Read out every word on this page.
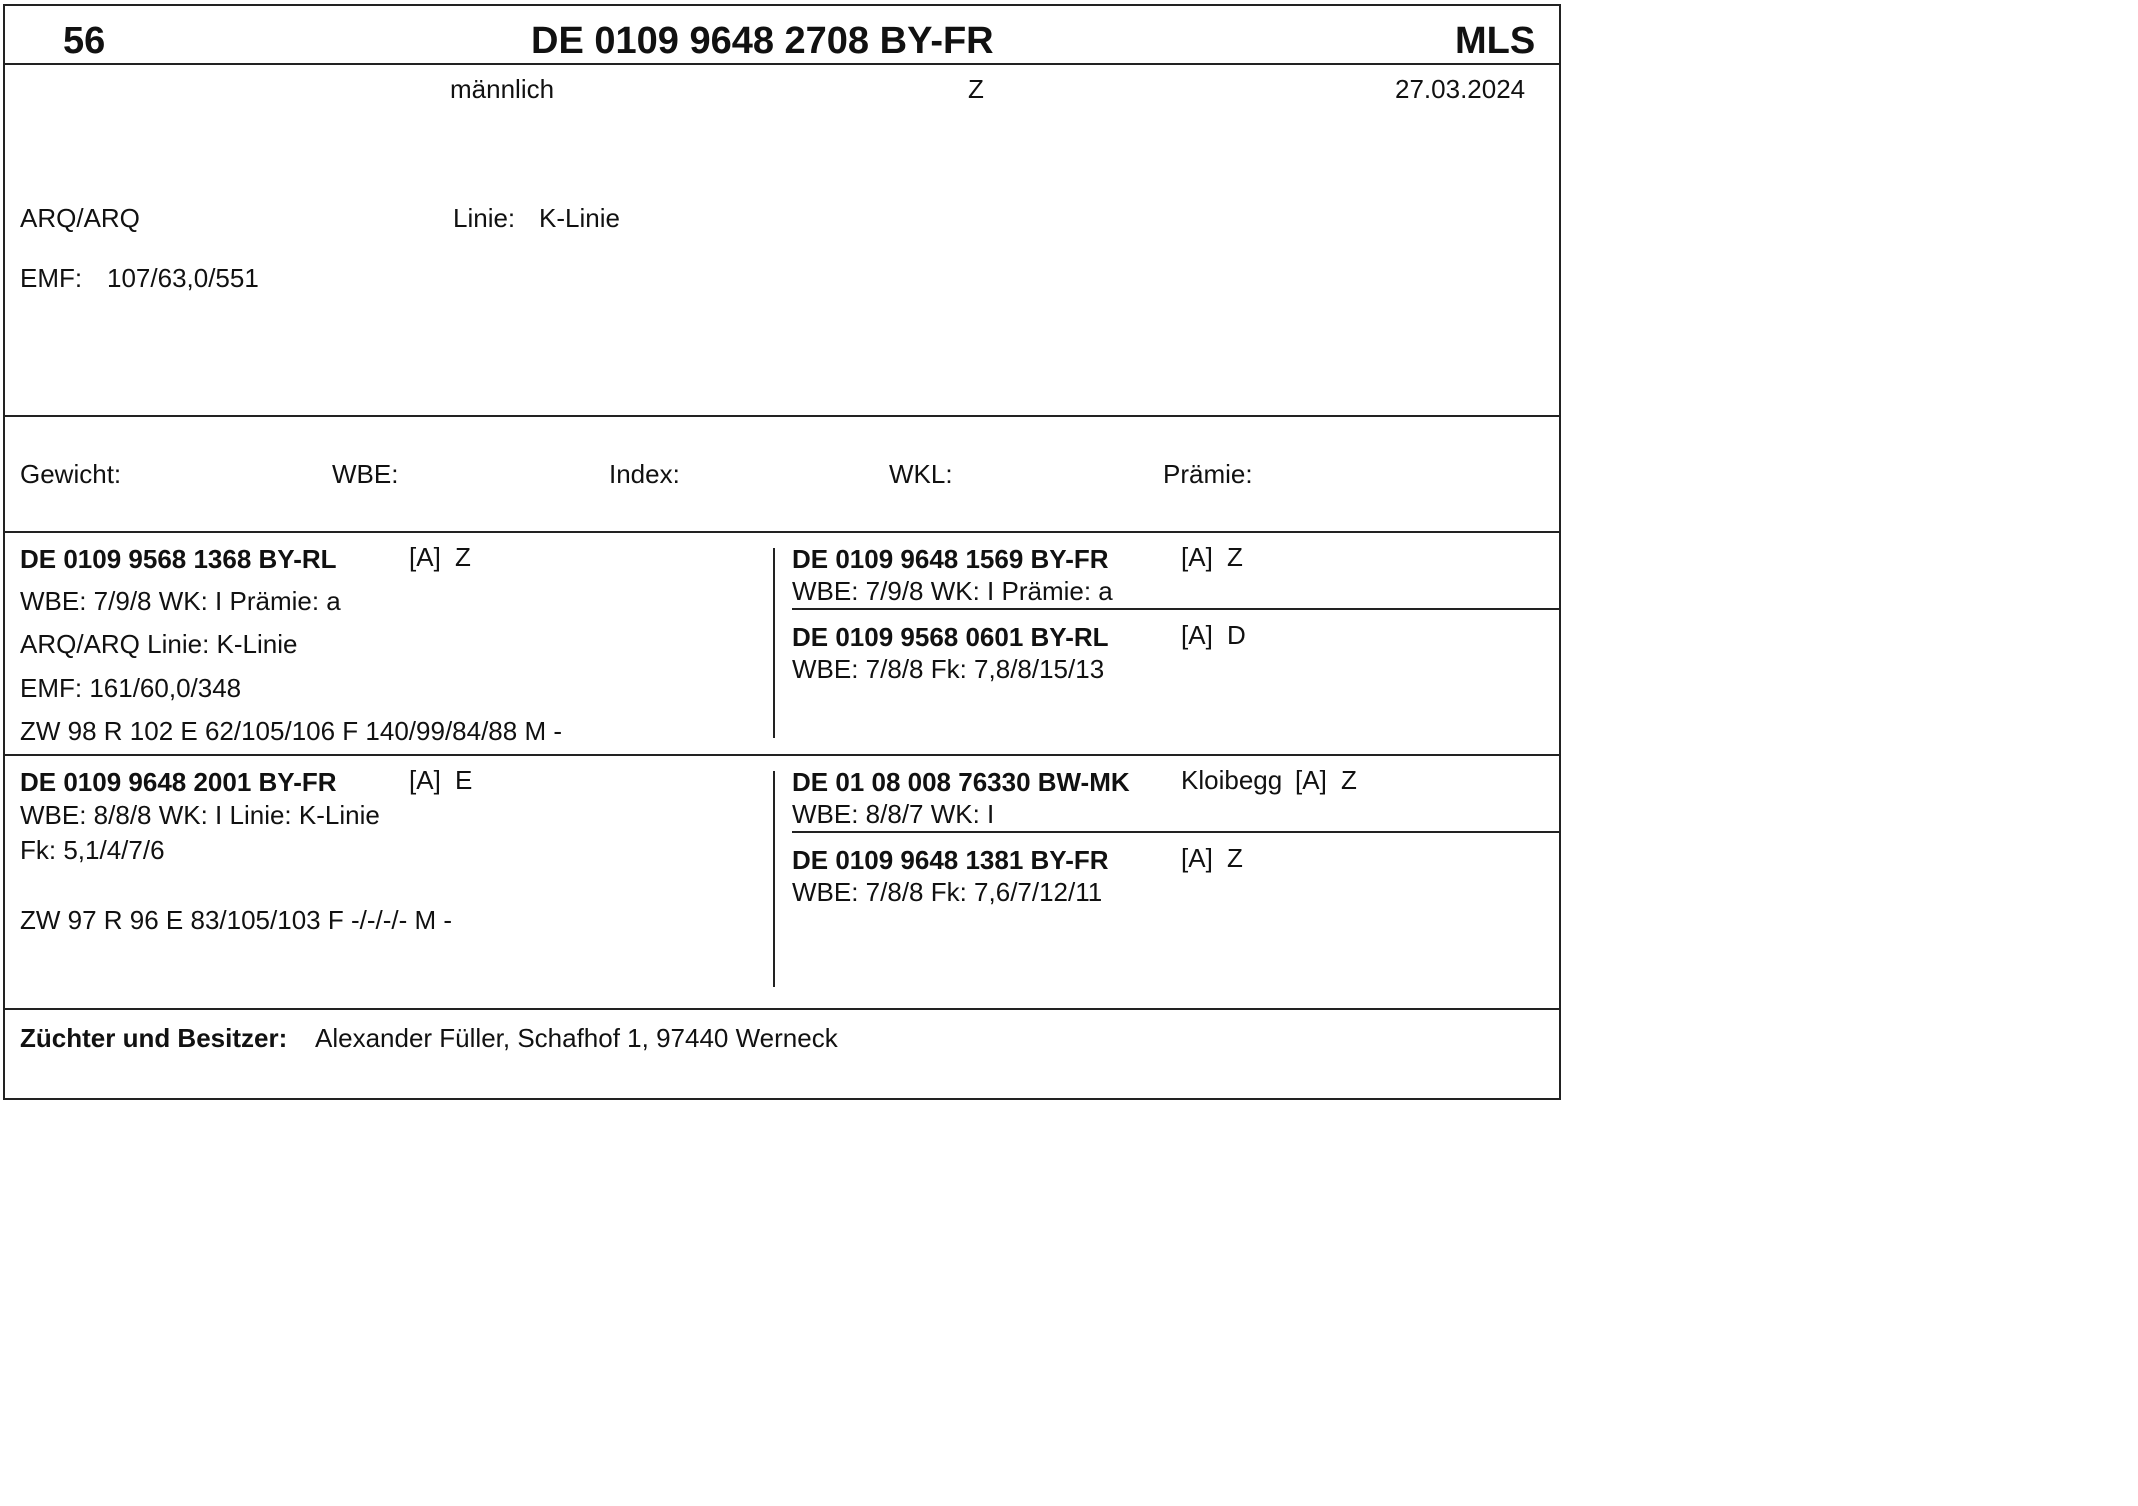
56	DE 0109 9648 2708 BY-FR	MLS
männlich	Z	27.03.2024
ARQ/ARQ	Linie: K-Linie
EMF: 107/63,0/551
Gewicht:	WBE:	Index:	WKL:	Prämie:
DE 0109 9568 1368 BY-RL	[A] Z
WBE: 7/9/8 WK: I Prämie: a
ARQ/ARQ Linie: K-Linie
EMF: 161/60,0/348
ZW 98 R 102 E 62/105/106 F 140/99/84/88 M -
DE 0109 9648 1569 BY-FR	[A] Z
WBE: 7/9/8 WK: I Prämie: a
DE 0109 9568 0601 BY-RL	[A] D
WBE: 7/8/8 Fk: 7,8/8/15/13
DE 0109 9648 2001 BY-FR	[A] E
WBE: 8/8/8 WK: I Linie: K-Linie
Fk: 5,1/4/7/6
ZW 97 R 96 E 83/105/103 F -/-/-/- M -
DE 01 08 008 76330 BW-MK Kloibegg [A] Z
WBE: 8/8/7 WK: I
DE 0109 9648 1381 BY-FR	[A] Z
WBE: 7/8/8 Fk: 7,6/7/12/11
Züchter und Besitzer: Alexander Füller, Schafhof 1, 97440 Werneck
